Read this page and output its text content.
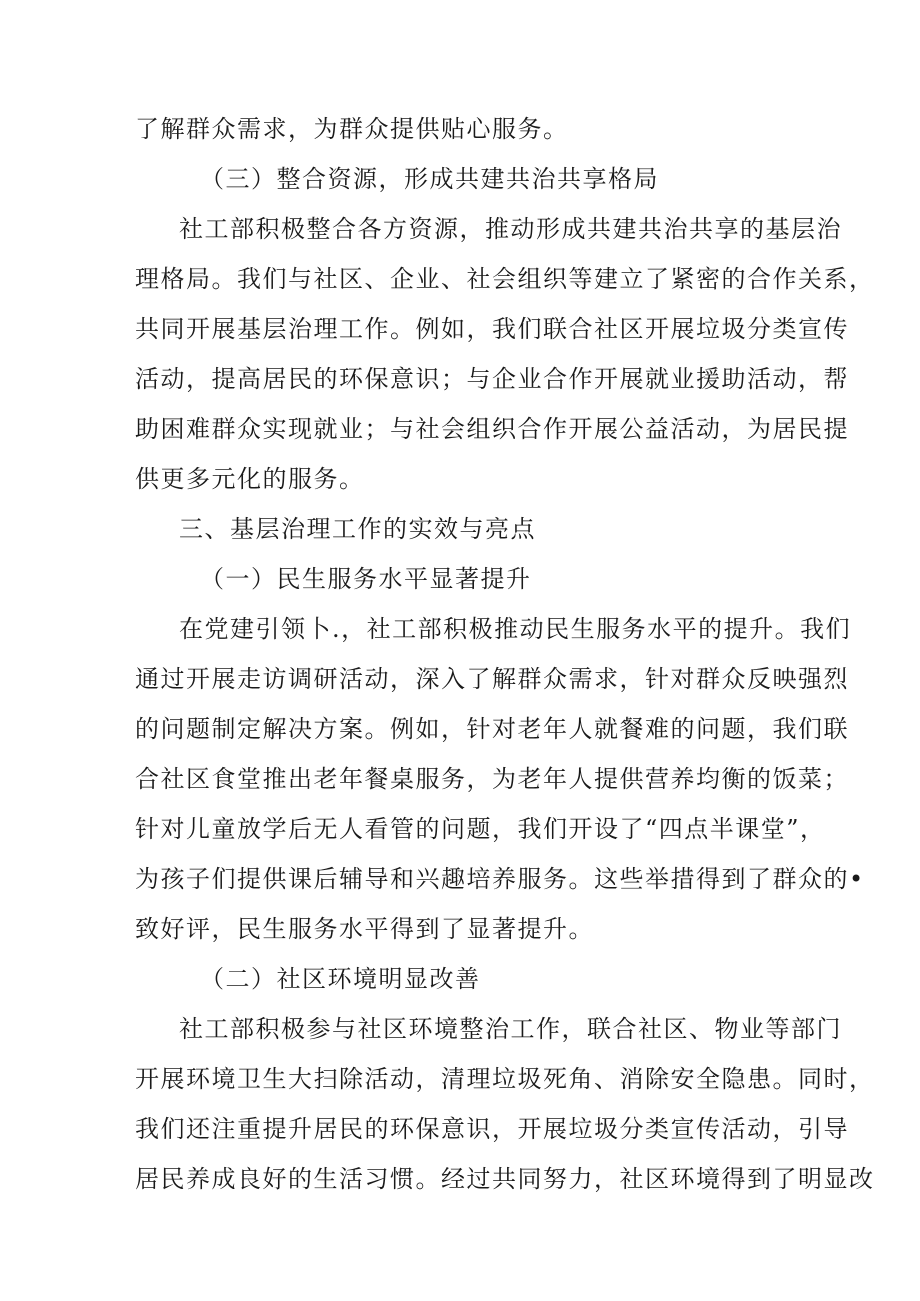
了解群众需求，为群众提供贴心服务。
（三）整合资源，形成共建共治共享格局
社工部积极整合各方资源，推动形成共建共治共享的基层治
理格局。我们与社区、企业、社会组织等建立了紧密的合作关系，
共同开展基层治理工作。例如，我们联合社区开展垃圾分类宣传
活动，提高居民的环保意识；与企业合作开展就业援助活动，帮
助困难群众实现就业；与社会组织合作开展公益活动，为居民提
供更多元化的服务。
三、基层治理工作的实效与亮点
（一）民生服务水平显著提升
在党建引领卜.，社工部积极推动民生服务水平的提升。我们
通过开展走访调研活动，深入了解群众需求，针对群众反映强烈
的问题制定解决方案。例如，针对老年人就餐难的问题，我们联
合社区食堂推出老年餐桌服务，为老年人提供营养均衡的饭菜；
针对儿童放学后无人看管的问题，我们开设了“四点半课堂”，
为孩子们提供课后辅导和兴趣培养服务。这些举措得到了群众的•
致好评，民生服务水平得到了显著提升。
（二）社区环境明显改善
社工部积极参与社区环境整治工作，联合社区、物业等部门
开展环境卫生大扫除活动，清理垃圾死角、消除安全隐患。同时，
我们还注重提升居民的环保意识，开展垃圾分类宣传活动，引导
居民养成良好的生活习惯。经过共同努力，社区环境得到了明显改
